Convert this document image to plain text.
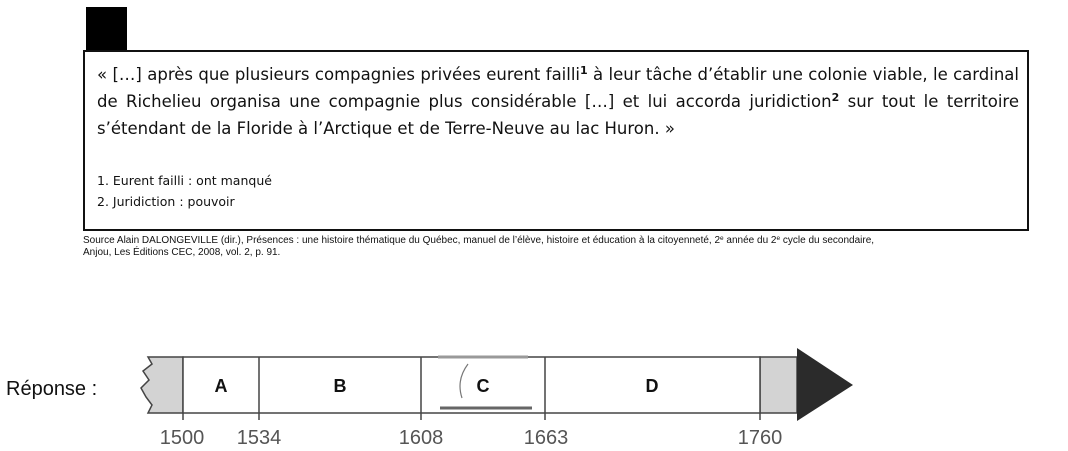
« […] après que plusieurs compagnies privées eurent failli$^1$ à leur tâche d’établir une colonie viable, le cardinal de Richelieu organisa une compagnie plus considérable […] et lui accorda juridiction$^2$ sur tout le territoire s’étendant de la Floride à l’Arctique et de Terre-Neuve au lac Huron. »

1. Eurent failli : ont manqué
2. Juridiction : pouvoir
Source Alain DALONGEVILLE (dir.), Présences : une histoire thématique du Québec, manuel de l’élève, histoire et éducation à la citoyenneté, 2e année du 2e cycle du secondaire,
Anjou, Les Éditions CEC, 2008, vol. 2, p. 91.
Réponse :	A	B	C	D
1500 1534	1608	1663	1760
